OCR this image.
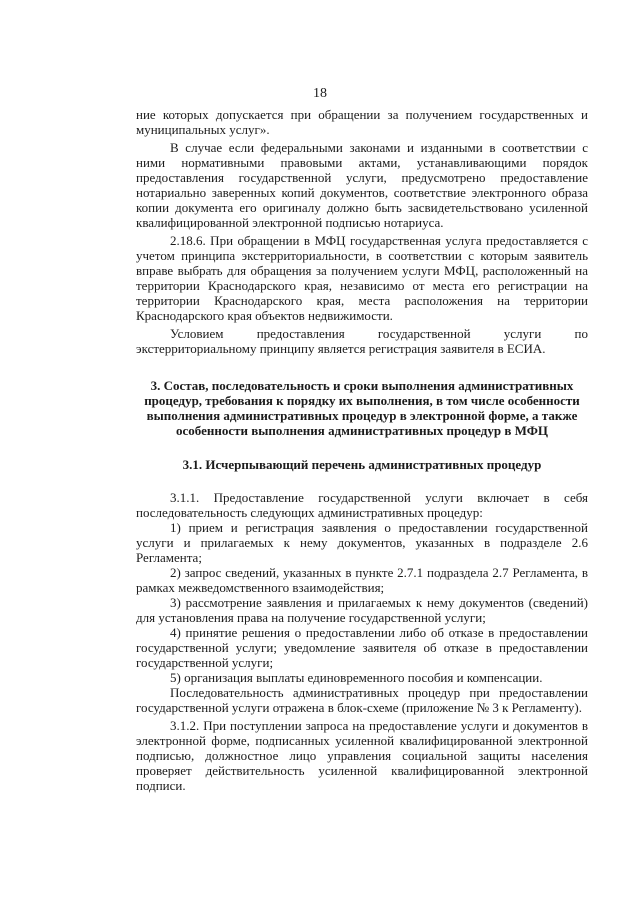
18

ние которых допускается при обращении за получением государственных и муниципальных услуг».

В случае если федеральными законами и изданными в соответствии с ними нормативными правовыми актами, устанавливающими порядок предоставления государственной услуги, предусмотрено предоставление нотариально заверенных копий документов, соответствие электронного образа копии документа его оригиналу должно быть засвидетельствовано усиленной квалифицированной электронной подписью нотариуса.

2.18.6. При обращении в МФЦ государственная услуга предоставляется с учетом принципа экстерриториальности, в соответствии с которым заявитель вправе выбрать для обращения за получением услуги МФЦ, расположенный на территории Краснодарского края, независимо от места его регистрации на территории Краснодарского края, места расположения на территории Краснодарского края объектов недвижимости.

Условием предоставления государственной услуги по экстерриториальному принципу является регистрация заявителя в ЕСИА.

3. Состав, последовательность и сроки выполнения административных процедур, требования к порядку их выполнения, в том числе особенности выполнения административных процедур в электронной форме, а также особенности выполнения административных процедур в МФЦ

3.1. Исчерпывающий перечень административных процедур

3.1.1. Предоставление государственной услуги включает в себя последовательность следующих административных процедур:

1) прием и регистрация заявления о предоставлении государственной услуги и прилагаемых к нему документов, указанных в подразделе 2.6 Регламента;

2) запрос сведений, указанных в пункте 2.7.1 подраздела 2.7 Регламента, в рамках межведомственного взаимодействия;

3) рассмотрение заявления и прилагаемых к нему документов (сведений) для установления права на получение государственной услуги;

4) принятие решения о предоставлении либо об отказе в предоставлении государственной услуги; уведомление заявителя об отказе в предоставлении государственной услуги;

5) организация выплаты единовременного пособия и компенсации.

Последовательность административных процедур при предоставлении государственной услуги отражена в блок-схеме (приложение № 3 к Регламенту).

3.1.2. При поступлении запроса на предоставление услуги и документов в электронной форме, подписанных усиленной квалифицированной электронной подписью, должностное лицо управления социальной защиты населения проверяет действительность усиленной квалифицированной электронной подписи.
